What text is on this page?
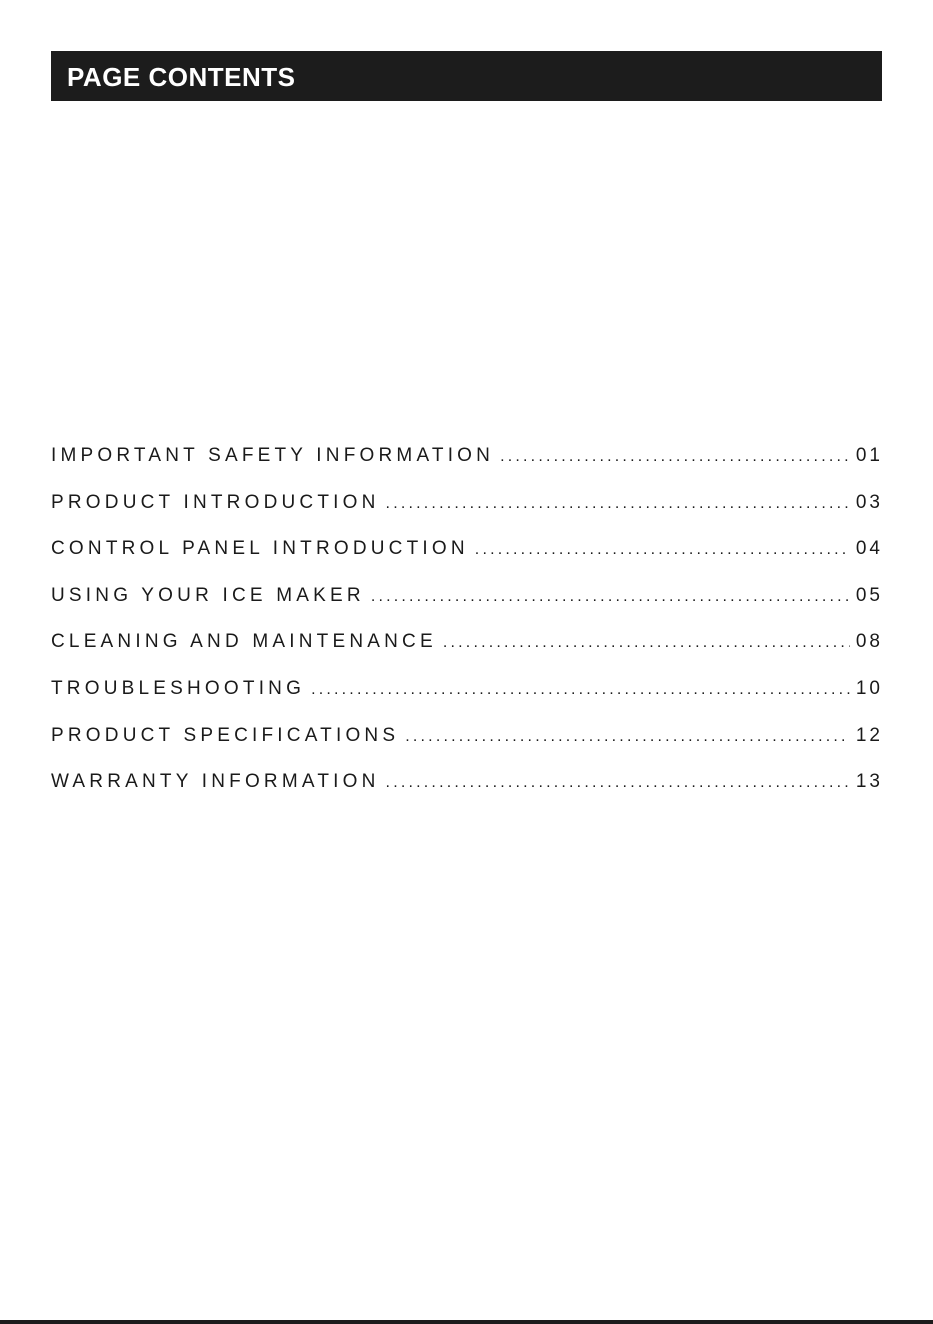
PAGE CONTENTS
IMPORTANT SAFETY INFORMATION .....	01
PRODUCT INTRODUCTION .....	03
CONTROL PANEL INTRODUCTION .....	04
USING YOUR ICE MAKER .....	05
CLEANING AND MAINTENANCE .....	08
TROUBLESHOOTING .....	10
PRODUCT SPECIFICATIONS .....	12
WARRANTY INFORMATION .....	13
